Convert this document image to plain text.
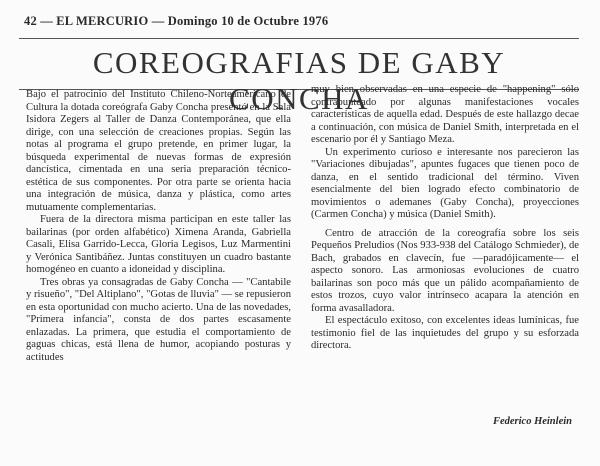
42 — EL MERCURIO — Domingo 10 de Octubre 1976
COREOGRAFIAS DE GABY CONCHA

Bajo el patrocinio del Instituto Chileno-Norteamericano de Cultura la dotada coreógrafa Gaby Concha presentó en la Sala Isidora Zegers al Taller de Danza Contemporánea, que ella dirige, con una selección de creaciones propias. Según las notas al programa el grupo pretende, en primer lugar, la búsqueda experimental de nuevas formas de expresión dancística, cimentada en una seria preparación técnico-estética de sus componentes. Por otra parte se orienta hacia una integración de música, danza y plástica, como artes mutuamente complementarias.

Fuera de la directora misma participan en este taller las bailarinas (por orden alfabético) Ximena Aranda, Gabriella Casali, Elisa Garrido-Lecca, Gloria Legisos, Luz Marmentini y Verónica Santibáñez. Juntas constituyen un cuadro bastante homogéneo en cuanto a idoneidad y disciplina.

Tres obras ya consagradas de Gaby Concha — "Cantabile y risueño", "Del Altiplano", "Gotas de lluvia" — se repusieron en esta oportunidad con mucho acierto. Una de las novedades, "Primera infancia", consta de dos partes escasamente enlazadas. La primera, que estudia el comportamiento de gaguas chicas, está llena de humor, acopiando posturas y actitudes

muy bien observadas en una especie de "happening" sólo contrapunteado por algunas manifestaciones vocales características de aquella edad. Después de este hallazgo decae a continuación, con música de Daniel Smith, interpretada en el escenario por él y Santiago Meza.

Un experimento curioso e interesante nos parecieron las "Variaciones dibujadas", apuntes fugaces que tienen poco de danza, en el sentido tradicional del término. Viven esencialmente del bien logrado efecto combinatorio de movimientos o ademanes (Gaby Concha), proyecciones (Carmen Concha) y música (Daniel Smith).

Centro de atracción de la coreografía sobre los seis Pequeños Preludios (Nos 933-938 del Catálogo Schmieder), de Bach, grabados en clavecín, fue —paradójicamente— el aspecto sonoro. Las armoniosas evoluciones de cuatro bailarinas son poco más que un pálido acompañamiento de estos trozos, cuyo valor intrínseco acapara la atención en forma avasalladora.

El espectáculo exitoso, con excelentes ideas lumínicas, fue testimonio fiel de las inquietudes del grupo y su esforzada directora.

Federico Heinlein
